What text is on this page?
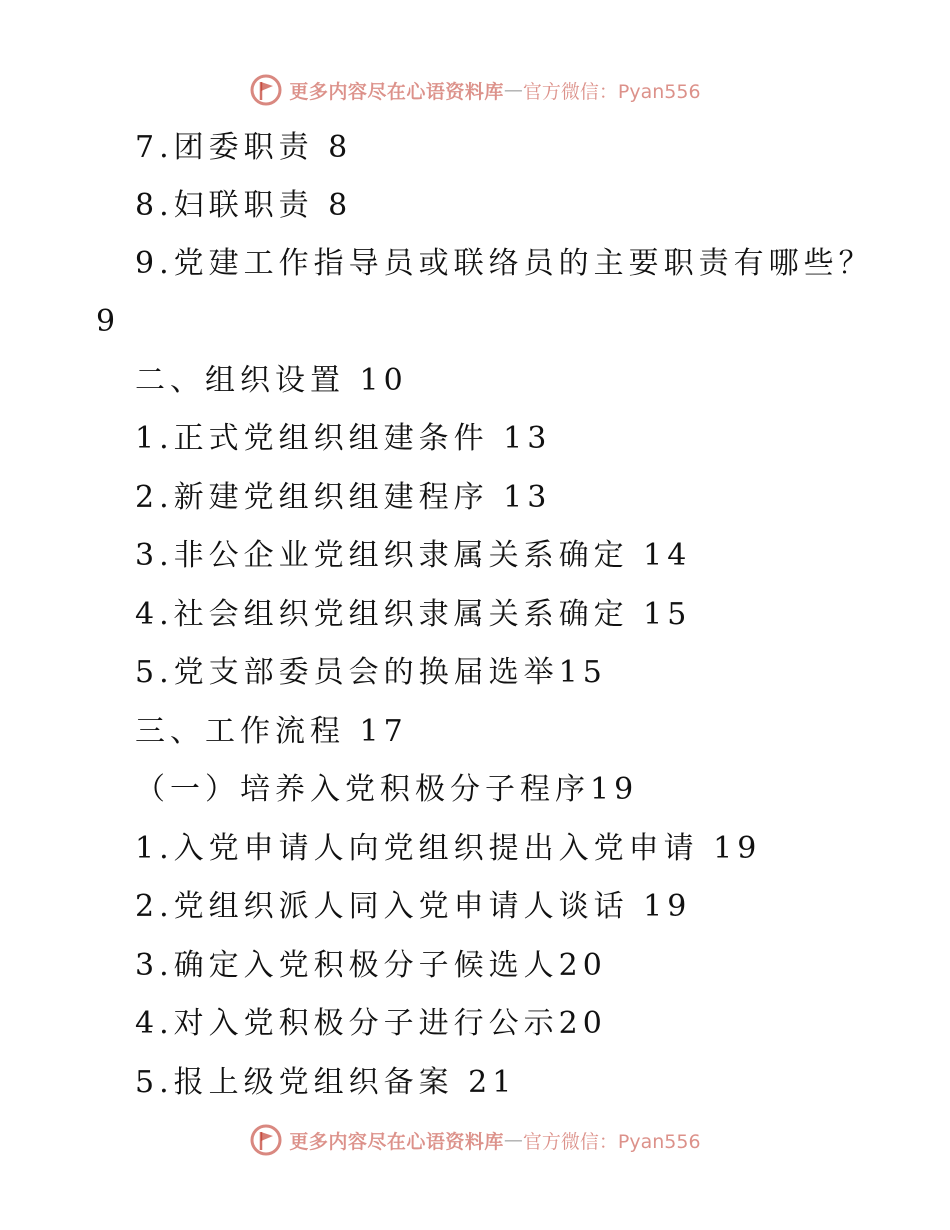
更多内容尽在心语资料库 — 官方微信：Pyan556
7.团委职责 8
8.妇联职责 8
9.党建工作指导员或联络员的主要职责有哪些？
9
二、组织设置 10
1.正式党组织组建条件 13
2.新建党组织组建程序 13
3.非公企业党组织隶属关系确定 14
4.社会组织党组织隶属关系确定 15
5.党支部委员会的换届选举15
三、工作流程 17
（一）培养入党积极分子程序19
1.入党申请人向党组织提出入党申请 19
2.党组织派人同入党申请人谈话 19
3.确定入党积极分子候选人20
4.对入党积极分子进行公示20
5.报上级党组织备案 21
更多内容尽在心语资料库 — 官方微信：Pyan556
